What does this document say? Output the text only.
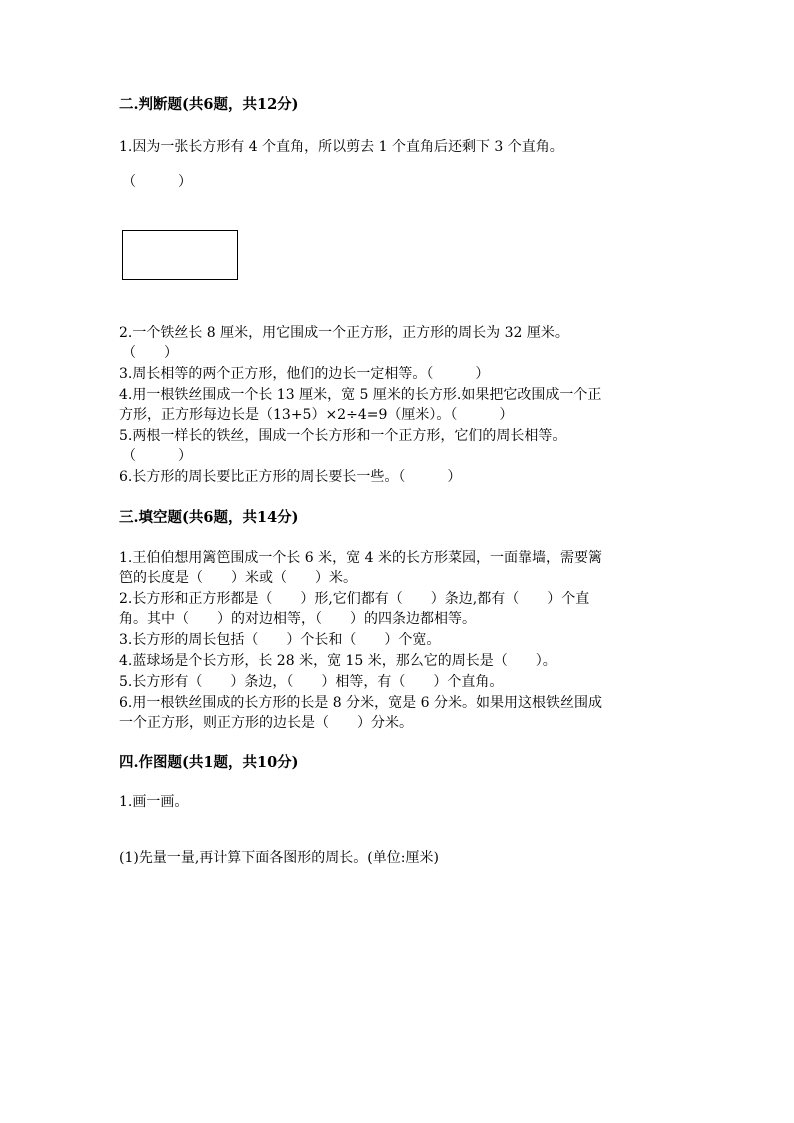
二.判断题(共6题，共12分)
1.因为一张长方形有 4 个直角，所以剪去 1 个直角后还剩下 3 个直角。
（　　　）
2.一个铁丝长 8 厘米，用它围成一个正方形，正方形的周长为 32 厘米。
（　　）
3.周长相等的两个正方形，他们的边长一定相等。（　　　）
4.用一根铁丝围成一个长 13 厘米，宽 5 厘米的长方形.如果把它改围成一个正
方形，正方形每边长是（13+5）×2÷4=9（厘米）。（　　　）
5.两根一样长的铁丝，围成一个长方形和一个正方形，它们的周长相等。
（　　　）
6.长方形的周长要比正方形的周长要长一些。（　　　）
三.填空题(共6题，共14分)
1.王伯伯想用篱笆围成一个长 6 米，宽 4 米的长方形菜园，一面靠墙，需要篱
笆的长度是（　　）米或（　　）米。
2.长方形和正方形都是（　　）形,它们都有（　　）条边,都有（　　）个直
角。其中（　　）的对边相等，（　　）的四条边都相等。
3.长方形的周长包括（　　）个长和（　　）个宽。
4.蓝球场是个长方形，长 28 米，宽 15 米，那么它的周长是（　　）。
5.长方形有（　　）条边，（　　）相等，有（　　）个直角。
6.用一根铁丝围成的长方形的长是 8 分米，宽是 6 分米。如果用这根铁丝围成
一个正方形，则正方形的边长是（　　）分米。
四.作图题(共1题，共10分)
1.画一画。
(1)先量一量,再计算下面各图形的周长。(单位:厘米)
